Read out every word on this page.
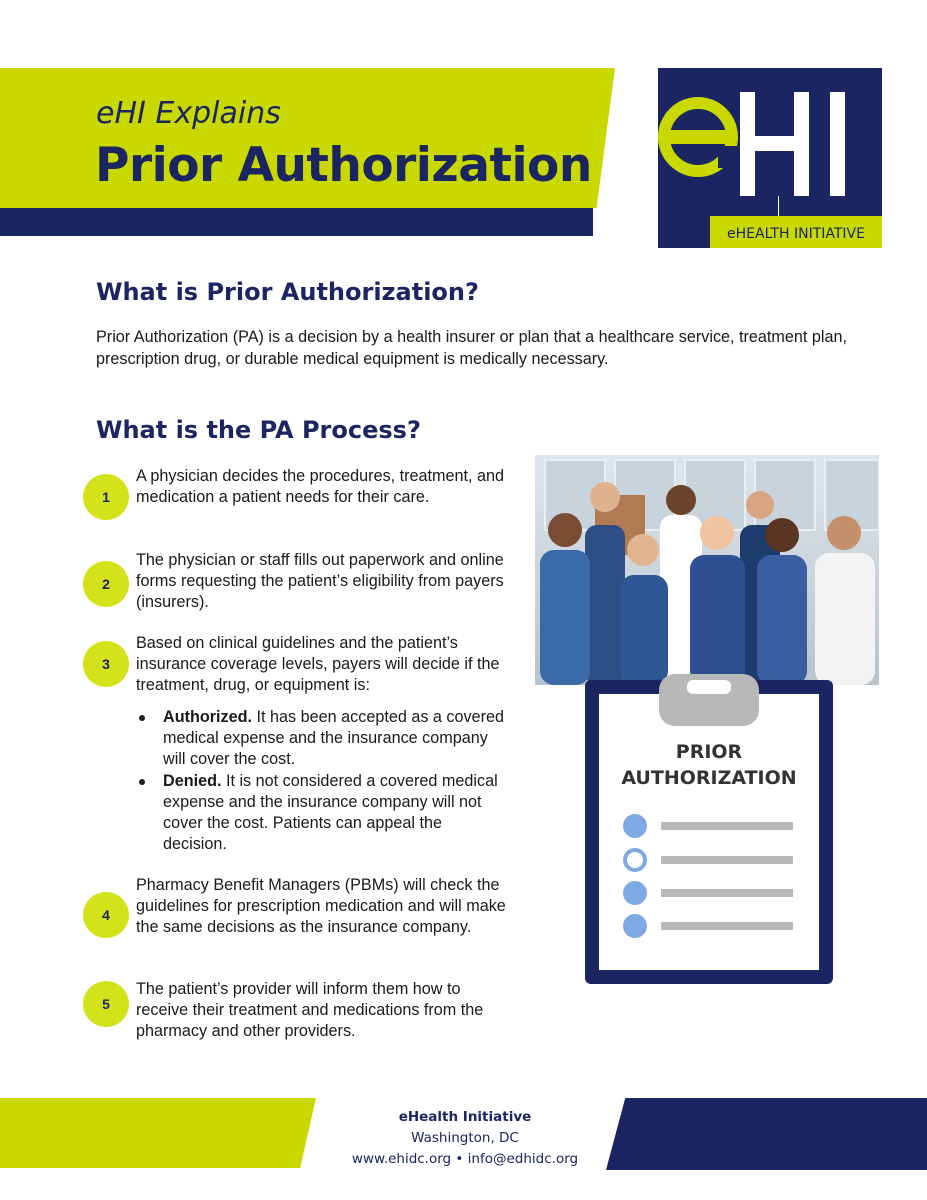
eHI Explains
Prior Authorization
eHEALTH INITIATIVE
What is Prior Authorization?

Prior Authorization (PA) is a decision by a health insurer or plan that a healthcare service, treatment plan, prescription drug, or durable medical equipment is medically necessary.

What is the PA Process?
1

A physician decides the procedures, treatment, and medication a patient needs for their care.

2

The physician or staff fills out paperwork and online forms requesting the patient’s eligibility from payers (insurers).

3

Based on clinical guidelines and the patient’s insurance coverage levels, payers will decide if the treatment, drug, or equipment is:

Authorized. It has been accepted as a covered medical expense and the insurance company will cover the cost.
Denied. It is not considered a covered medical expense and the insurance company will not cover the cost. Patients can appeal the decision.
4

Pharmacy Benefit Managers (PBMs) will check the guidelines for prescription medication and will make the same decisions as the insurance company.

5

The patient’s provider will inform them how to receive their treatment and medications from the pharmacy and other providers.

PRIOR
AUTHORIZATION
eHealth Initiative
Washington, DC
www.ehidc.org • info@edhidc.org
